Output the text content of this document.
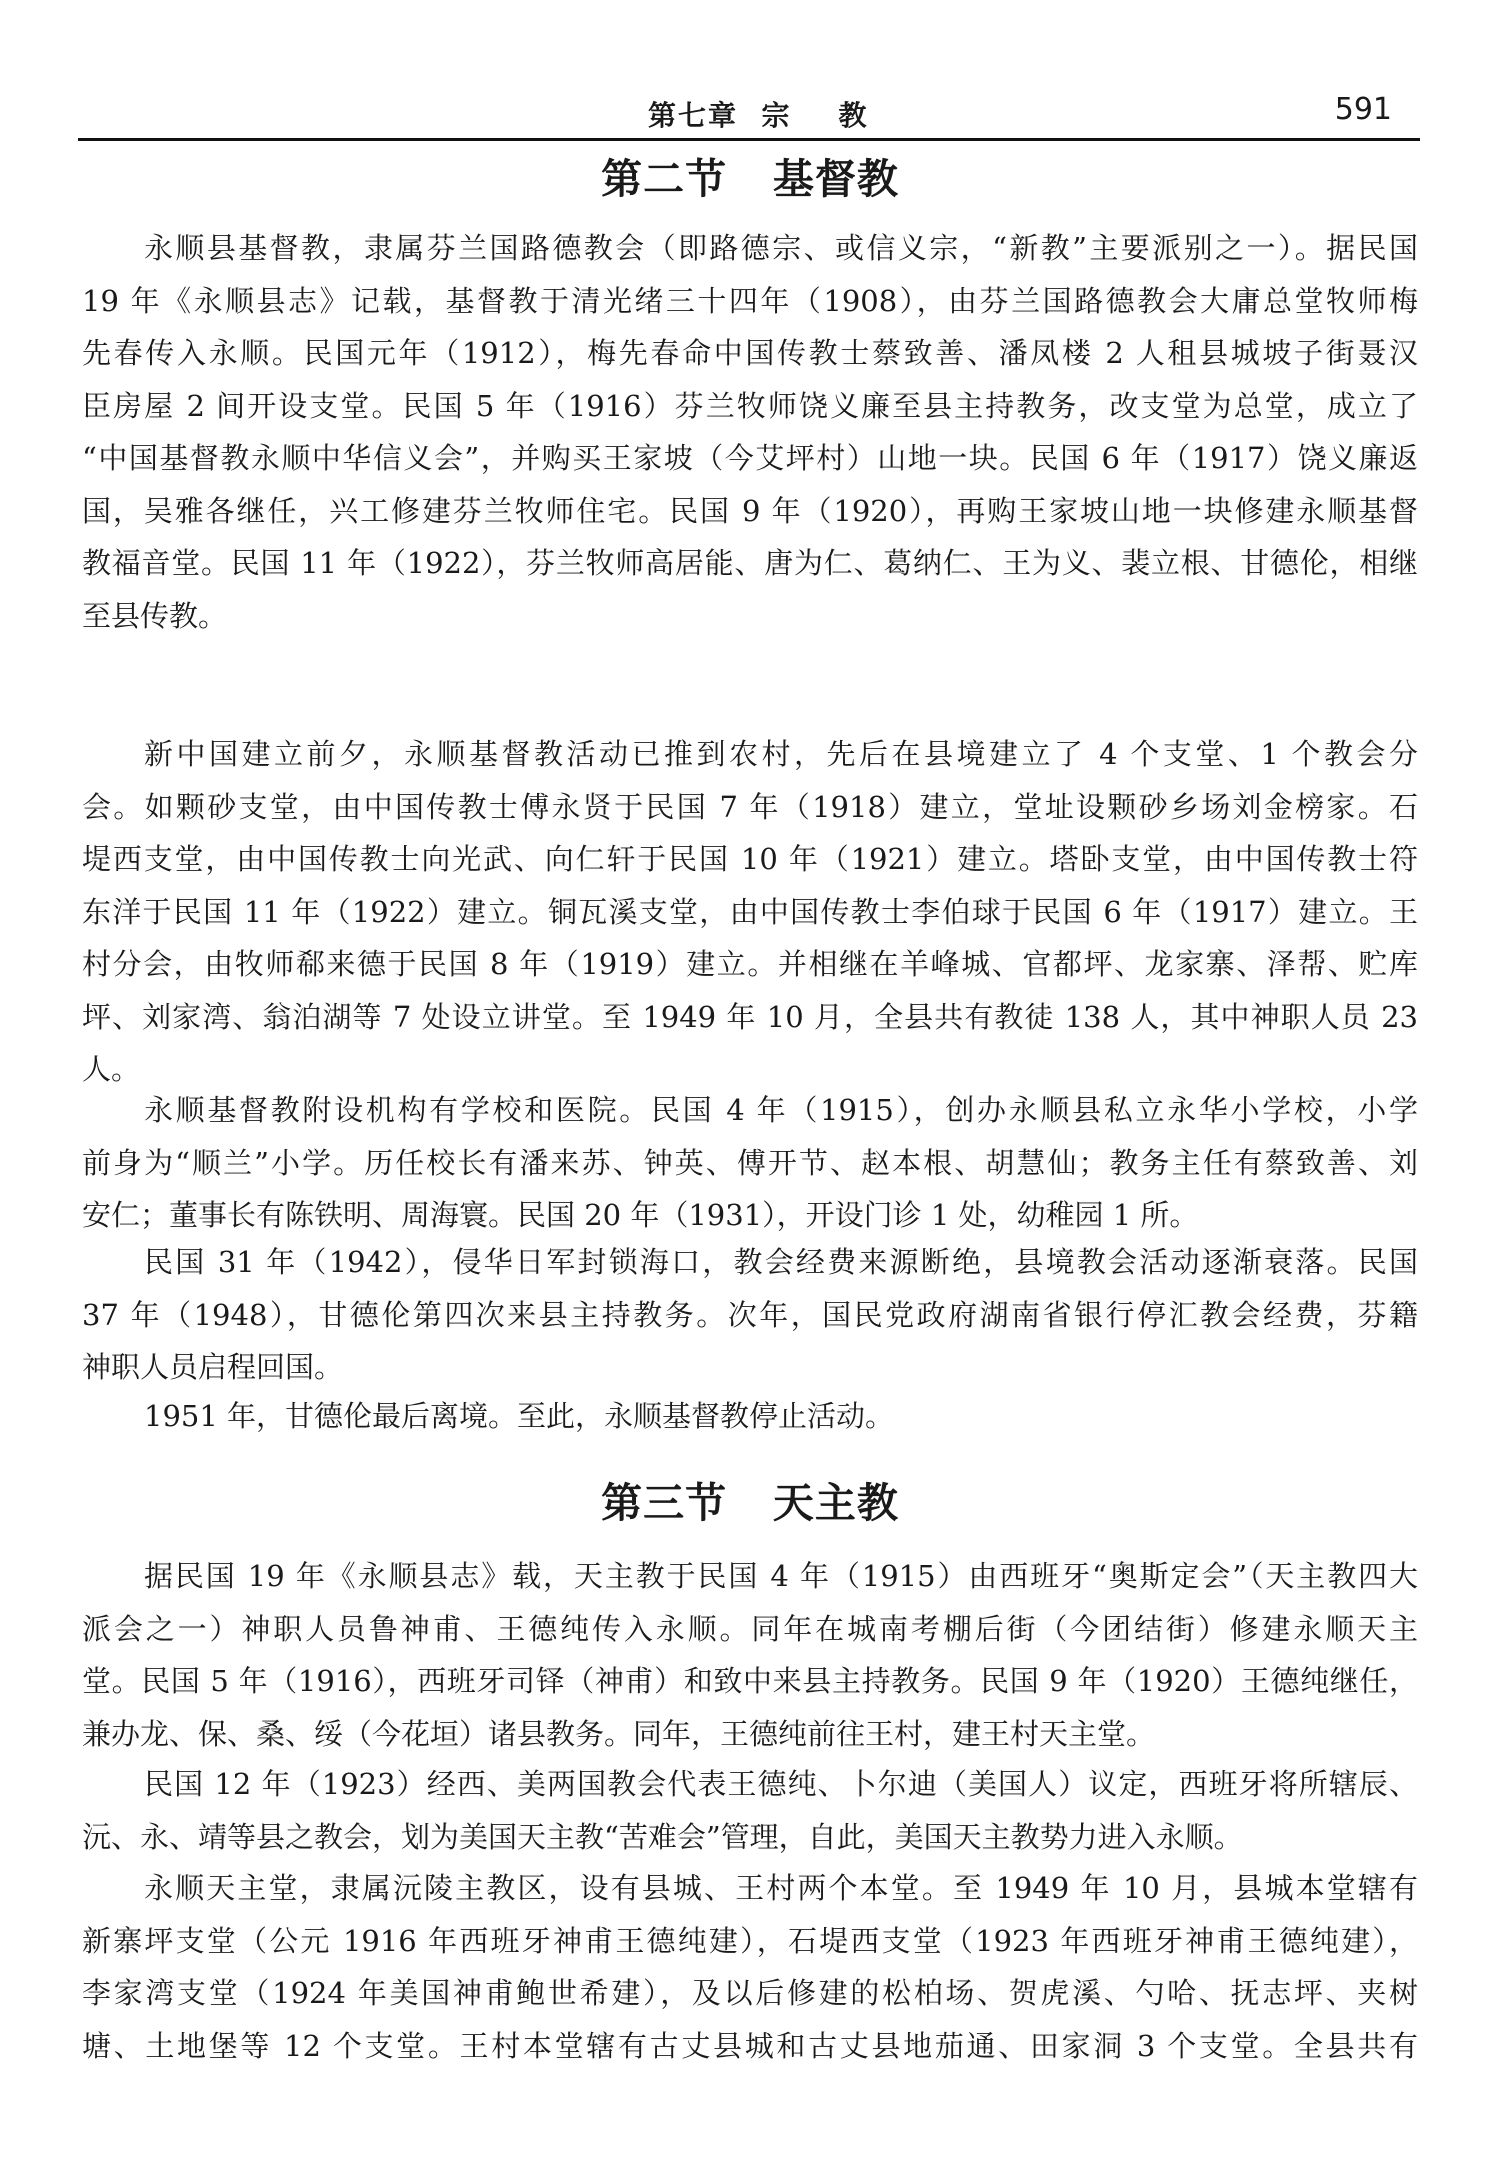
第七章  宗    教	591
第二节   基督教
永顺县基督教，隶属芬兰国路德教会（即路德宗、或信义宗，“新教”主要派别之一）。据民国
19 年《永顺县志》记载，基督教于清光绪三十四年（1908），由芬兰国路德教会大庸总堂牧师梅
先春传入永顺。民国元年（1912），梅先春命中国传教士蔡致善、潘凤楼 2 人租县城坡子街聂汉
臣房屋 2 间开设支堂。民国 5 年（1916）芬兰牧师饶义廉至县主持教务，改支堂为总堂，成立了
“中国基督教永顺中华信义会”，并购买王家坡（今艾坪村）山地一块。民国 6 年（1917）饶义廉返
国，吴雅各继任，兴工修建芬兰牧师住宅。民国 9 年（1920），再购王家坡山地一块修建永顺基督
教福音堂。民国 11 年（1922），芬兰牧师高居能、唐为仁、葛纳仁、王为义、裴立根、甘德伦，相继
至县传教。
新中国建立前夕，永顺基督教活动已推到农村，先后在县境建立了 4 个支堂、1 个教会分
会。如颗砂支堂，由中国传教士傅永贤于民国 7 年（1918）建立，堂址设颗砂乡场刘金榜家。石
堤西支堂，由中国传教士向光武、向仁轩于民国 10 年（1921）建立。塔卧支堂，由中国传教士符
东洋于民国 11 年（1922）建立。铜瓦溪支堂，由中国传教士李伯球于民国 6 年（1917）建立。王
村分会，由牧师郗来德于民国 8 年（1919）建立。并相继在羊峰城、官都坪、龙家寨、泽帮、贮库
坪、刘家湾、翁泊湖等 7 处设立讲堂。至 1949 年 10 月，全县共有教徒 138 人，其中神职人员 23
人。
永顺基督教附设机构有学校和医院。民国 4 年（1915），创办永顺县私立永华小学校，小学
前身为“顺兰”小学。历任校长有潘来苏、钟英、傅开节、赵本根、胡慧仙；教务主任有蔡致善、刘
安仁；董事长有陈铁明、周海寰。民国 20 年（1931），开设门诊 1 处，幼稚园 1 所。
民国 31 年（1942），侵华日军封锁海口，教会经费来源断绝，县境教会活动逐渐衰落。民国
37 年（1948），甘德伦第四次来县主持教务。次年，国民党政府湖南省银行停汇教会经费，芬籍
神职人员启程回国。
1951 年，甘德伦最后离境。至此，永顺基督教停止活动。
第三节   天主教
据民国 19 年《永顺县志》载，天主教于民国 4 年（1915）由西班牙“奥斯定会”（天主教四大
派会之一）神职人员鲁神甫、王德纯传入永顺。同年在城南考棚后街（今团结街）修建永顺天主
堂。民国 5 年（1916），西班牙司铎（神甫）和致中来县主持教务。民国 9 年（1920）王德纯继任，
兼办龙、保、桑、绥（今花垣）诸县教务。同年，王德纯前往王村，建王村天主堂。
民国 12 年（1923）经西、美两国教会代表王德纯、卜尔迪（美国人）议定，西班牙将所辖辰、
沅、永、靖等县之教会，划为美国天主教“苦难会”管理，自此，美国天主教势力进入永顺。
永顺天主堂，隶属沅陵主教区，设有县城、王村两个本堂。至 1949 年 10 月，县城本堂辖有
新寨坪支堂（公元 1916 年西班牙神甫王德纯建），石堤西支堂（1923 年西班牙神甫王德纯建），
李家湾支堂（1924 年美国神甫鲍世希建），及以后修建的松柏场、贺虎溪、勺哈、抚志坪、夹树
塘、土地堡等 12 个支堂。王村本堂辖有古丈县城和古丈县地茄通、田家洞 3 个支堂。全县共有
